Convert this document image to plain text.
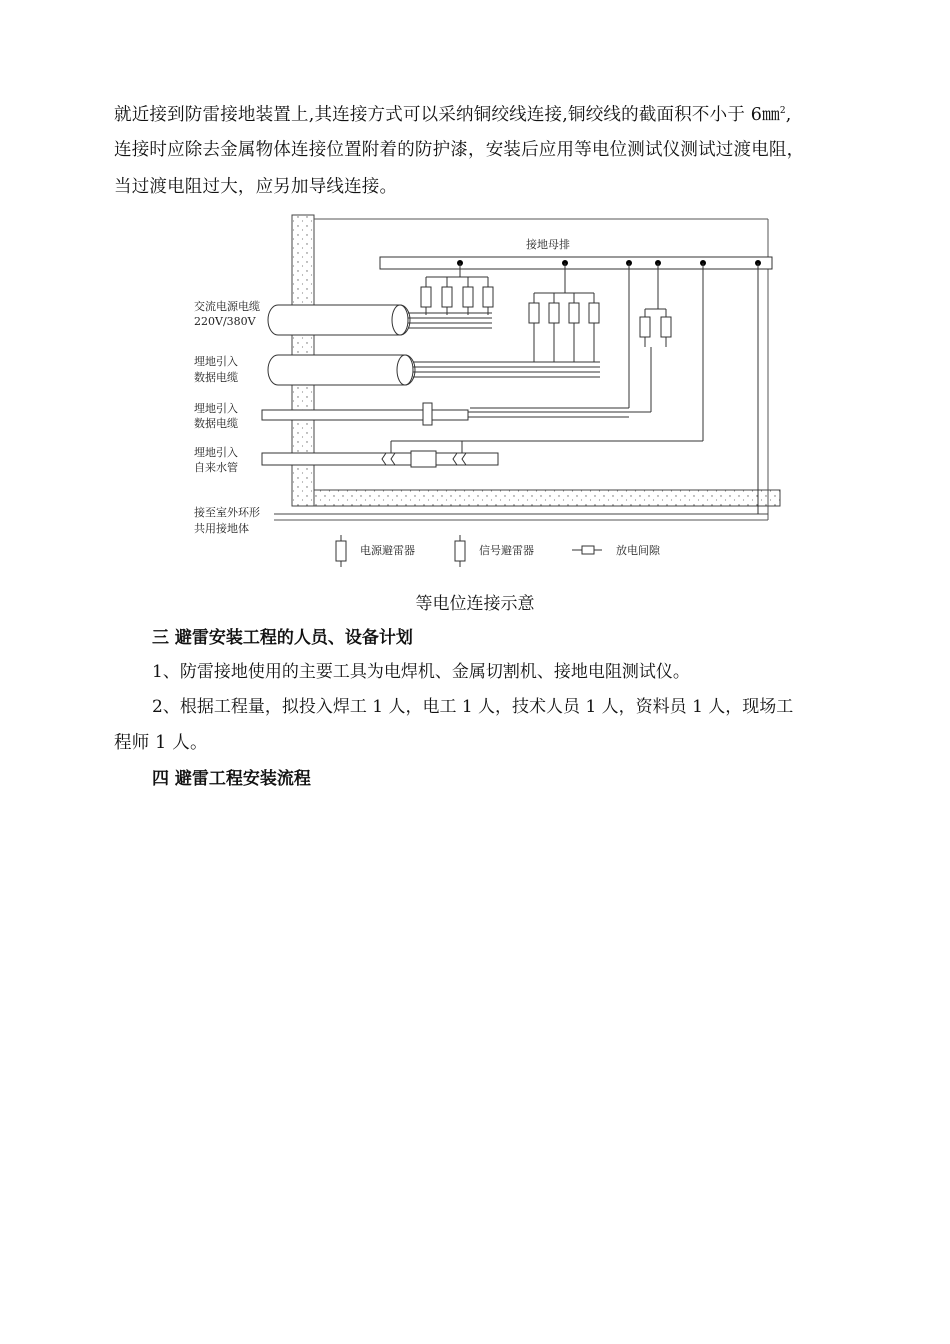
就近接到防雷接地装置上,其连接方式可以采纳铜绞线连接,铜绞线的截面积不小于 6㎜$^2$,

连接时应除去金属物体连接位置附着的防护漆，安装后应用等电位测试仪测试过渡电阻，

当过渡电阻过大，应另加导线连接。

接地母排
交流电源电缆
220V/380V
埋地引入
数据电缆
埋地引入
数据电缆
埋地引入
自来水管
接至室外环形
共用接地体
电源避雷器	信号避雷器	放电间隙
等电位连接示意
三 避雷安装工程的人员、设备计划
1、防雷接地使用的主要工具为电焊机、金属切割机、接地电阻测试仪。
2、根据工程量，拟投入焊工 1 人，电工 1 人，技术人员 1 人，资料员 1 人，现场工
程师 1 人。
四 避雷工程安装流程
